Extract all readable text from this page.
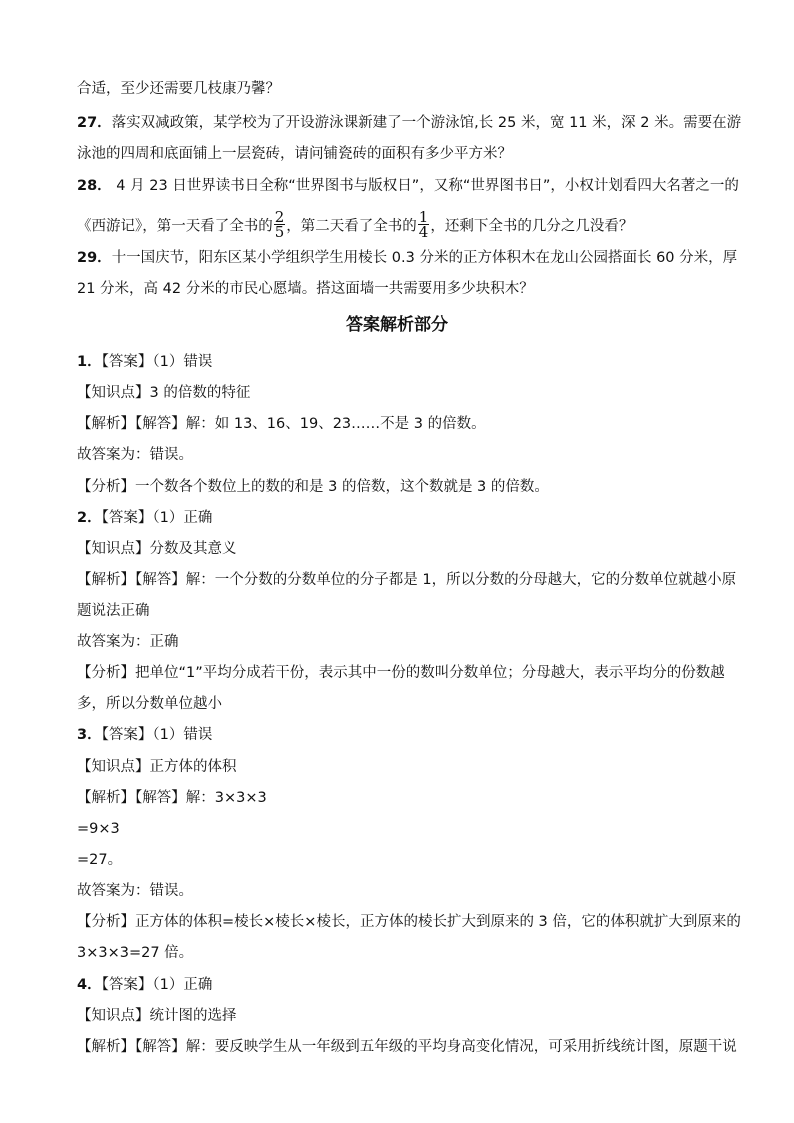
合适，至少还需要几枝康乃馨？
27．落实双减政策，某学校为了开设游泳课新建了一个游泳馆,长 25 米，宽 11 米，深 2 米。需要在游
泳池的四周和底面铺上一层瓷砖，请问铺瓷砖的面积有多少平方米？
28． 4 月 23 日世界读书日全称“世界图书与版权日”，又称“世界图书日”，小权计划看四大名著之一的
《西游记》，第一天看了全书的 $\frac{2}{5}$ ，第二天看了全书的 $\frac{1}{4}$ ，还剩下全书的几分之几没看？
29．十一国庆节，阳东区某小学组织学生用棱长 0.3 分米的正方体积木在龙山公园搭面长 60 分米，厚
21 分米，高 42 分米的市民心愿墙。搭这面墙一共需要用多少块积木？
答案解析部分
1．【答案】（1）错误
【知识点】3 的倍数的特征
【解析】【解答】解：如 13、16、19、23……不是 3 的倍数。
故答案为：错误。
【分析】一个数各个数位上的数的和是 3 的倍数，这个数就是 3 的倍数。
2．【答案】（1）正确
【知识点】分数及其意义
【解析】【解答】解：一个分数的分数单位的分子都是 1，所以分数的分母越大，它的分数单位就越小原
题说法正确
故答案为：正确
【分析】把单位“1”平均分成若干份，表示其中一份的数叫分数单位；分母越大，表示平均分的份数越
多，所以分数单位越小
3．【答案】（1）错误
【知识点】正方体的体积
【解析】【解答】解：3×3×3
=9×3
=27。
故答案为：错误。
【分析】正方体的体积=棱长×棱长×棱长，正方体的棱长扩大到原来的 3 倍，它的体积就扩大到原来的
3×3×3=27 倍。
4．【答案】（1）正确
【知识点】统计图的选择
【解析】【解答】解：要反映学生从一年级到五年级的平均身高变化情况，可采用折线统计图，原题干说
